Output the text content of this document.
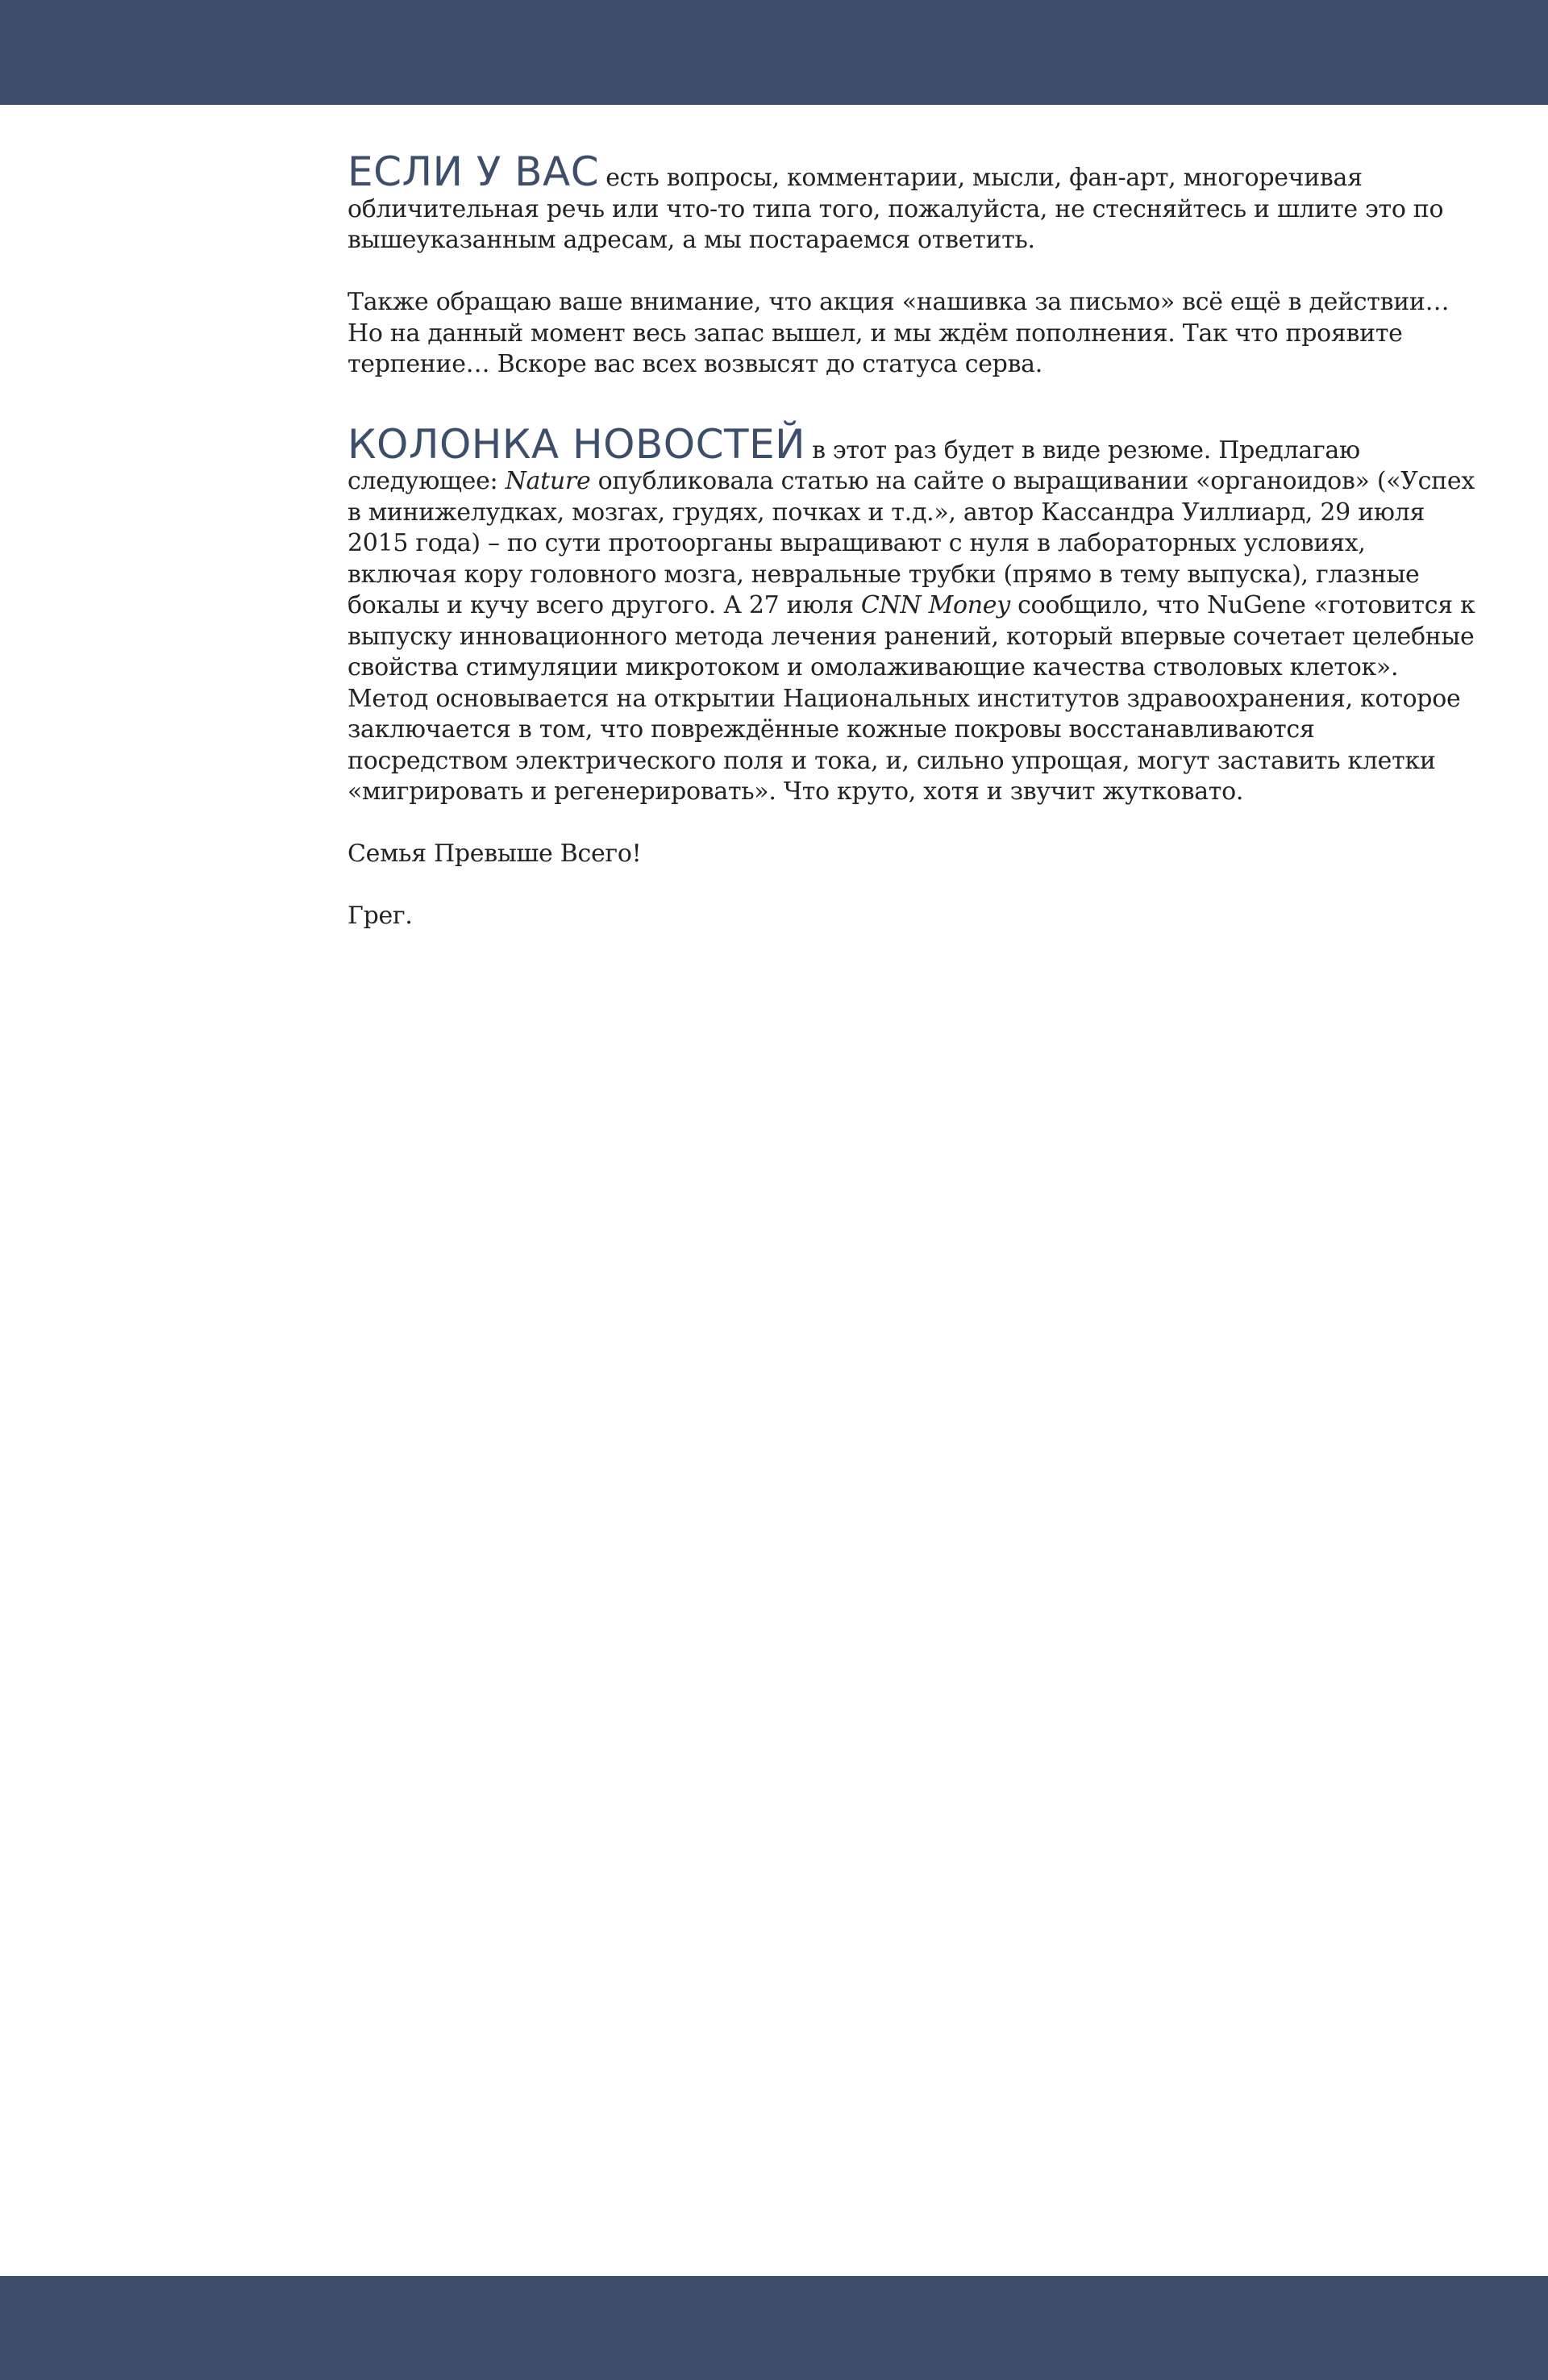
ЕСЛИ У ВАС есть вопросы, комментарии, мысли, фан-арт, многоречивая обличительная речь или что-то типа того, пожалуйста, не стесняйтесь и шлите это по вышеуказанным адресам, а мы постараемся ответить.

Также обращаю ваше внимание, что акция «нашивка за письмо» всё ещё в действии… Но на данный момент весь запас вышел, и мы ждём пополнения. Так что проявите терпение… Вскоре вас всех возвысят до статуса серва.

КОЛОНКА НОВОСТЕЙ в этот раз будет в виде резюме. Предлагаю следующее: Nature опубликовала статью на сайте о выращивании «органоидов» («Успех в минижелудках, мозгах, грудях, почках и т.д.», автор Кассандра Уиллиард, 29 июля 2015 года) – по сути протоорганы выращивают с нуля в лабораторных условиях, включая кору головного мозга, невральные трубки (прямо в тему выпуска), глазные бокалы и кучу всего другого. А 27 июля CNN Money сообщило, что NuGene «готовится к выпуску инновационного метода лечения ранений, который впервые сочетает целебные свойства стимуляции микротоком и омолаживающие качества стволовых клеток». Метод основывается на открытии Национальных институтов здравоохранения, которое заключается в том, что повреждённые кожные покровы восстанавливаются посредством электрического поля и тока, и, сильно упрощая, могут заставить клетки «мигрировать и регенерировать». Что круто, хотя и звучит жутковато.

Семья Превыше Всего!

Грег.
